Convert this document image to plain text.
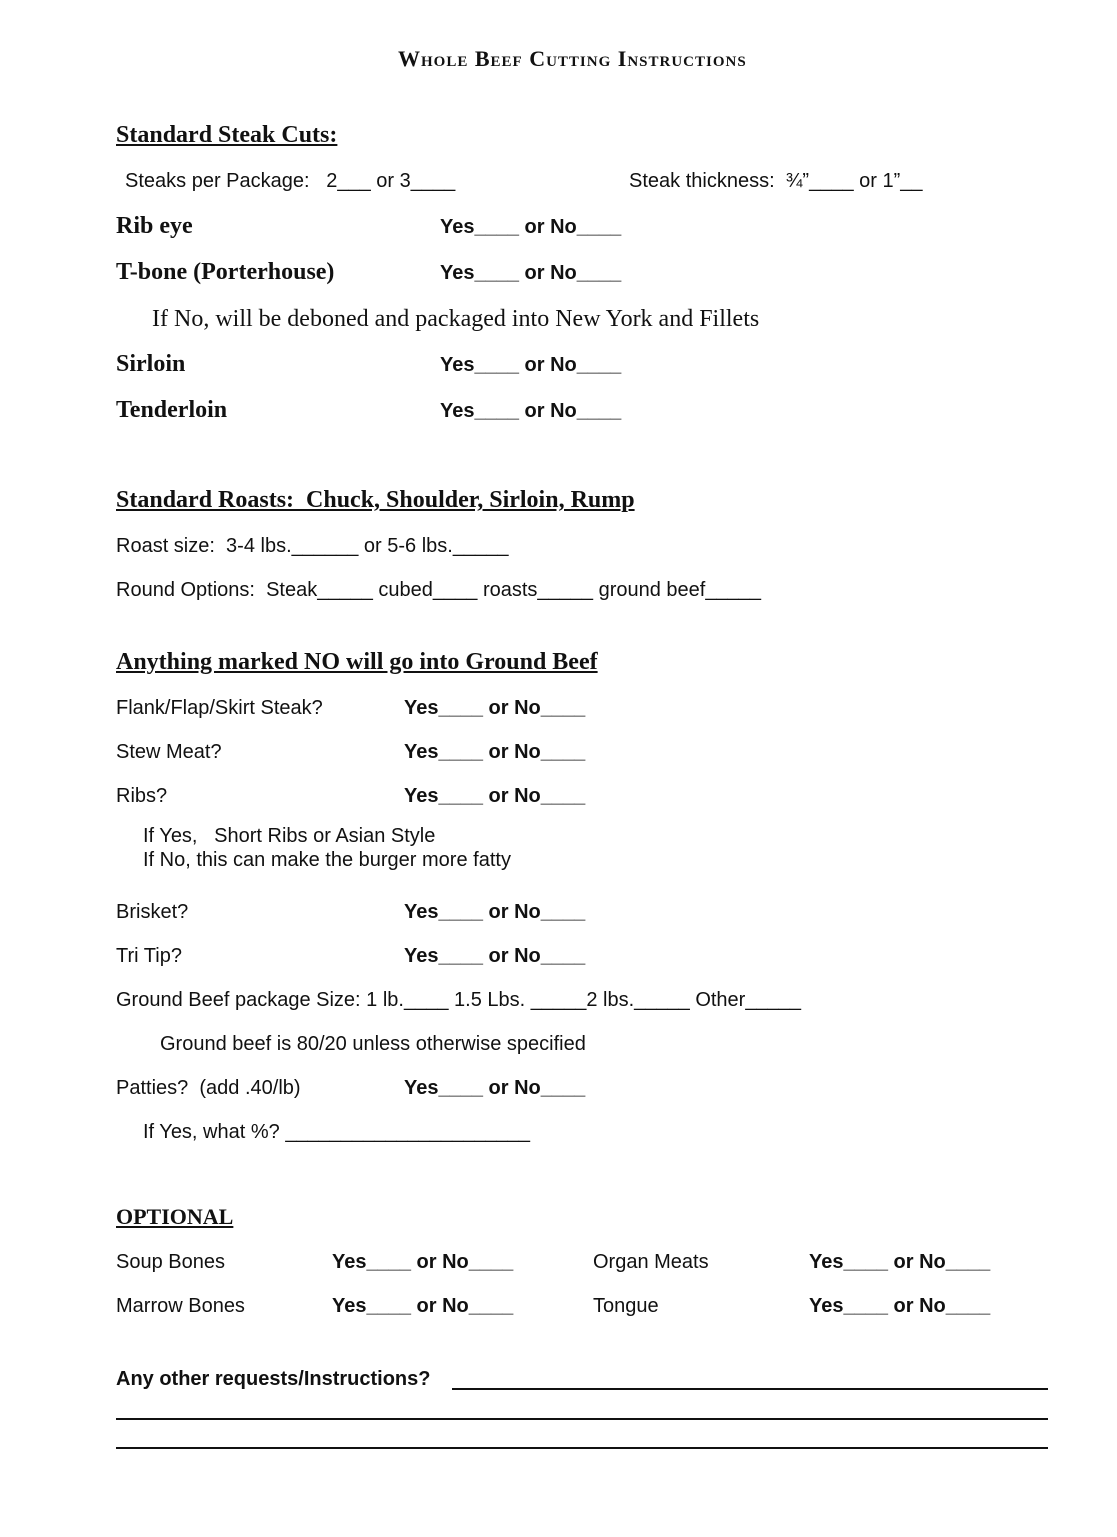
Whole Beef Cutting Instructions
Standard Steak Cuts:
Steaks per Package:   2___ or 3____	Steak thickness:  ¾”____ or 1”__
Rib eye	Yes____ or No____
T-bone (Porterhouse)	Yes____ or No____
If No, will be deboned and packaged into New York and Fillets
Sirloin	Yes____ or No____
Tenderloin	Yes____ or No____
Standard Roasts:  Chuck, Shoulder, Sirloin, Rump
Roast size:  3-4 lbs.______ or 5-6 lbs._____
Round Options:  Steak_____ cubed____ roasts_____ ground beef_____
Anything marked NO will go into Ground Beef
Flank/Flap/Skirt Steak?	Yes____ or No____
Stew Meat?	Yes____ or No____
Ribs?	Yes____ or No____
If Yes,   Short Ribs or Asian Style
If No, this can make the burger more fatty
Brisket?	Yes____ or No____
Tri Tip?	Yes____ or No____
Ground Beef package Size: 1 lb.____ 1.5 Lbs. _____2 lbs._____ Other_____
Ground beef is 80/20 unless otherwise specified
Patties?  (add .40/lb)	Yes____ or No____
If Yes, what %? ______________________
OPTIONAL
Soup Bones	Yes____ or No____	Organ Meats	Yes____ or No____
Marrow Bones	Yes____ or No____	Tongue	Yes____ or No____
Any other requests/Instructions?
